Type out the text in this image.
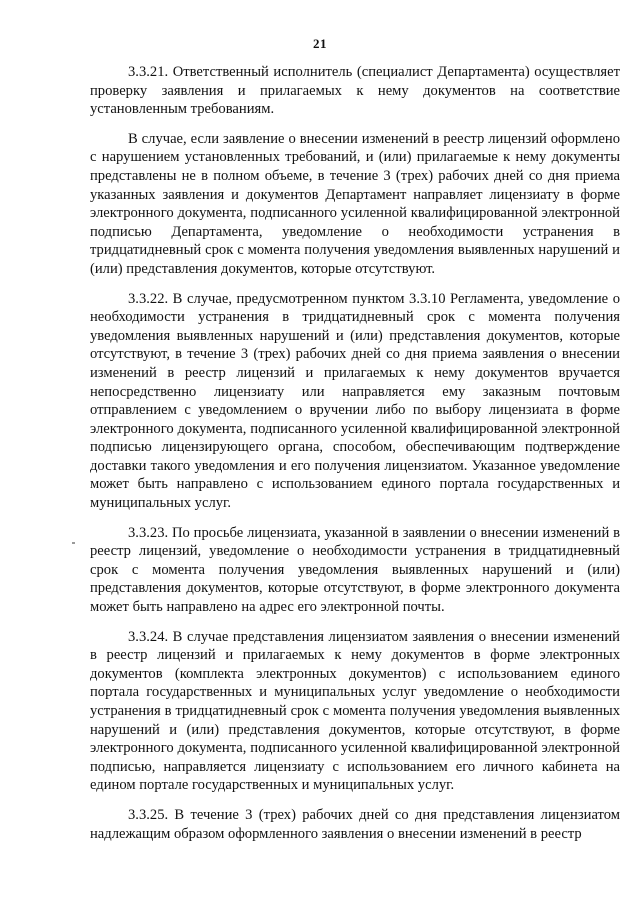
21

3.3.21. Ответственный исполнитель (специалист Департамента) осуществляет проверку заявления и прилагаемых к нему документов на соответствие установленным требованиям.

В случае, если заявление о внесении изменений в реестр лицензий оформлено с нарушением установленных требований, и (или) прилагаемые к нему документы представлены не в полном объеме, в течение 3 (трех) рабочих дней со дня приема указанных заявления и документов Департамент направляет лицензиату в форме электронного документа, подписанного усиленной квалифицированной электронной подписью Департамента, уведомление о необходимости устранения в тридцатидневный срок с момента получения уведомления выявленных нарушений и (или) представления документов, которые отсутствуют.

3.3.22. В случае, предусмотренном пунктом 3.3.10 Регламента, уведомление о необходимости устранения в тридцатидневный срок с момента получения уведомления выявленных нарушений и (или) представления документов, которые отсутствуют, в течение 3 (трех) рабочих дней со дня приема заявления о внесении изменений в реестр лицензий и прилагаемых к нему документов вручается непосредственно лицензиату или направляется ему заказным почтовым отправлением с уведомлением о вручении либо по выбору лицензиата в форме электронного документа, подписанного усиленной квалифицированной электронной подписью лицензирующего органа, способом, обеспечивающим подтверждение доставки такого уведомления и его получения лицензиатом. Указанное уведомление может быть направлено с использованием единого портала государственных и муниципальных услуг.

3.3.23. По просьбе лицензиата, указанной в заявлении о внесении изменений в реестр лицензий, уведомление о необходимости устранения в тридцатидневный срок с момента получения уведомления выявленных нарушений и (или) представления документов, которые отсутствуют, в форме электронного документа может быть направлено на адрес его электронной почты.

3.3.24. В случае представления лицензиатом заявления о внесении изменений в реестр лицензий и прилагаемых к нему документов в форме электронных документов (комплекта электронных документов) с использованием единого портала государственных и муниципальных услуг уведомление о необходимости устранения в тридцатидневный срок с момента получения уведомления выявленных нарушений и (или) представления документов, которые отсутствуют, в форме электронного документа, подписанного усиленной квалифицированной электронной подписью, направляется лицензиату с использованием его личного кабинета на едином портале государственных и муниципальных услуг.

3.3.25. В течение 3 (трех) рабочих дней со дня представления лицензиатом надлежащим образом оформленного заявления о внесении изменений в реестр
